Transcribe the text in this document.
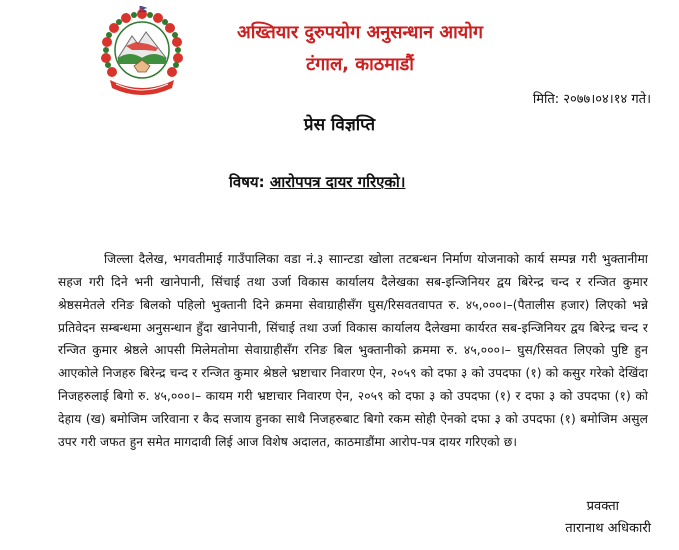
अख्तियार दुरुपयोग अनुसन्धान आयोग
टंगाल, काठमाडौं
मिति: २०७७।०४।१४ गते।
प्रेस विज्ञप्ति
विषय: आरोपपत्र दायर गरिएको।

जिल्ला दैलेख, भगवतीमाई गाउँपालिका वडा नं.३ साान्टडा खोला तटबन्धन निर्माण योजनाको कार्य सम्पन्न गरी भुक्तानीमा सहज गरी दिने भनी खानेपानी, सिंचाई तथा उर्जा विकास कार्यालय दैलेखका सब-इन्जिनियर द्वय बिरेन्द्र चन्द र रन्जित कुमार श्रेष्ठसमेतले रनिङ बिलको पहिलो भुक्तानी दिने क्रममा सेवाग्राहीसँग घुस/रिसवतवापत रु. ४५,०००।–(पैतालीस हजार) लिएको भन्ने प्रतिवेदन सम्बन्धमा अनुसन्धान हुँदा खानेपानी, सिंचाई तथा उर्जा विकास कार्यालय दैलेखमा कार्यरत सब-इन्जिनियर द्वय बिरेन्द्र चन्द र रन्जित कुमार श्रेष्ठले आपसी मिलेमतोमा सेवाग्राहीसँग रनिङ बिल भुक्तानीको क्रममा रु. ४५,०००।– घुस/रिसवत लिएको पुष्टि हुन आएकोले निजहरु बिरेन्द्र चन्द र रन्जित कुमार श्रेष्ठले भ्रष्टाचार निवारण ऐन, २०५९ को दफा ३ को उपदफा (१) को कसुर गरेको देखिंदा निजहरुलाई बिगो रु. ४५,०००।– कायम गरी भ्रष्टाचार निवारण ऐन, २०५९ को दफा ३ को उपदफा (१) र दफा ३ को उपदफा (१) को देहाय (ख) बमोजिम जरिवाना र कैद सजाय हुनका साथै निजहरुबाट बिगो रकम सोही ऐनको दफा ३ को उपदफा (१) बमोजिम असुल उपर गरी जफत हुन समेत मागदावी लिई आज विशेष अदालत, काठमाडौंमा आरोप-पत्र दायर गरिएको छ।

प्रवक्ता
तारानाथ अधिकारी
